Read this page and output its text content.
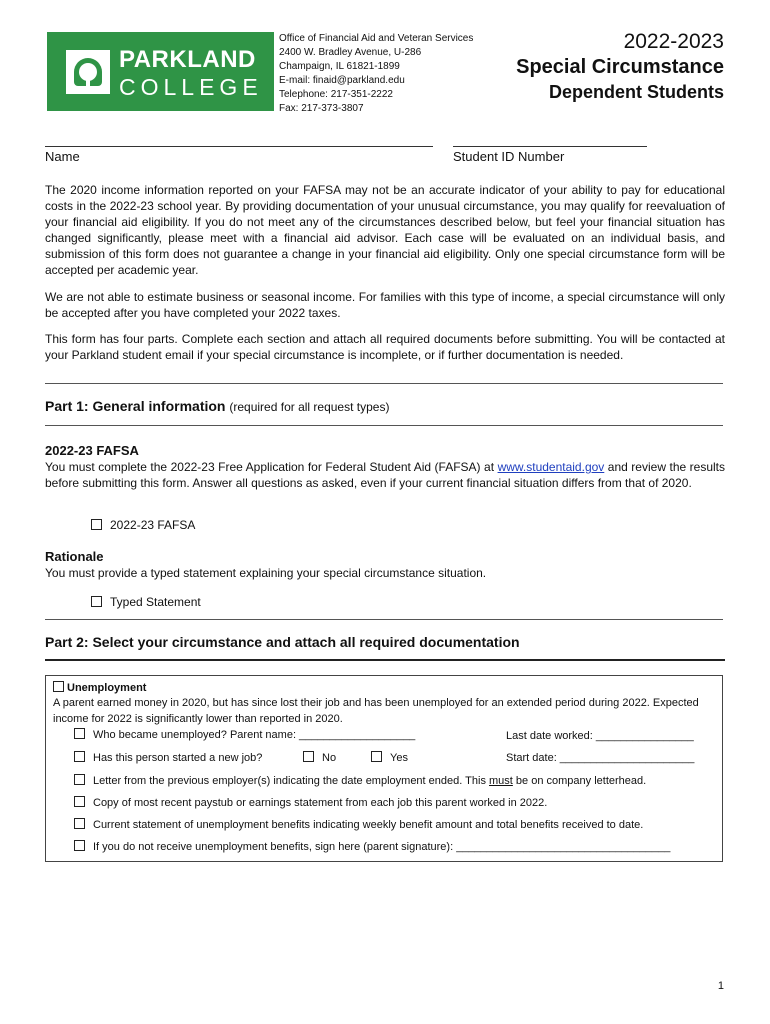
PARKLAND
COLLEGE
Office of Financial Aid and Veteran Services
2400 W. Bradley Avenue, U-286
Champaign, IL 61821-1899
E-mail: finaid@parkland.edu
Telephone: 217-351-2222
Fax: 217-373-3807
2022-2023
Special Circumstance
Dependent Students
Name	Student ID Number
The 2020 income information reported on your FAFSA may not be an accurate indicator of your ability to pay for educational costs in the 2022-23 school year. By providing documentation of your unusual circumstance, you may qualify for reevaluation of your financial aid eligibility. If you do not meet any of the circumstances described below, but feel your financial situation has changed significantly, please meet with a financial aid advisor. Each case will be evaluated on an individual basis, and submission of this form does not guarantee a change in your financial aid eligibility. Only one special circumstance form will be accepted per academic year.
We are not able to estimate business or seasonal income. For families with this type of income, a special circumstance will only be accepted after you have completed your 2022 taxes.
This form has four parts. Complete each section and attach all required documents before submitting. You will be contacted at your Parkland student email if your special circumstance is incomplete, or if further documentation is needed.
Part 1: General information (required for all request types)
2022-23 FAFSA
You must complete the 2022-23 Free Application for Federal Student Aid (FAFSA) at www.studentaid.gov and review the results before submitting this form. Answer all questions as asked, even if your current financial situation differs from that of 2020.
2022-23 FAFSA
Rationale
You must provide a typed statement explaining your special circumstance situation.
Typed Statement
Part 2: Select your circumstance and attach all required documentation
Unemployment
A parent earned money in 2020, but has since lost their job and has been unemployed for an extended period during 2022. Expected income for 2022 is significantly lower than reported in 2020.
Who became unemployed? Parent name: ___________________	Last date worked: ________________
Has this person started a new job?	No	Yes	Start date: ______________________
Letter from the previous employer(s) indicating the date employment ended. This must be on company letterhead.
Copy of most recent paystub or earnings statement from each job this parent worked in 2022.
Current statement of unemployment benefits indicating weekly benefit amount and total benefits received to date.
If you do not receive unemployment benefits, sign here (parent signature): ___________________________________
1
